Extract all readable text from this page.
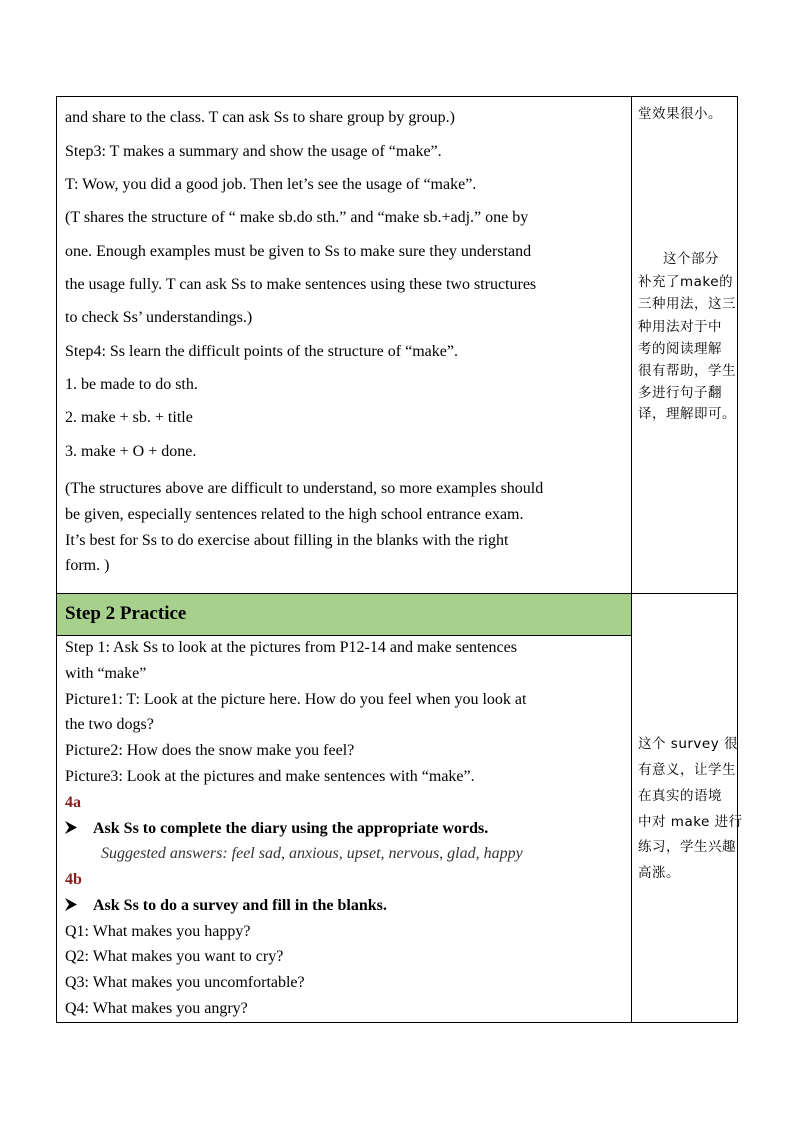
Step 2 Practice
and share to the class. T can ask Ss to share group by group.)
Step3: T makes a summary and show the usage of “make”.
T: Wow, you did a good job. Then let’s see the usage of “make”.
(T shares the structure of “ make sb.do sth.” and “make sb.+adj.” one by
one. Enough examples must be given to Ss to make sure they understand
the usage fully. T can ask Ss to make sentences using these two structures
to check Ss’ understandings.)
Step4: Ss learn the difficult points of the structure of “make”.
1. be made to do sth.
2. make + sb. + title
3. make + O + done.
(The structures above are difficult to understand, so more examples should
be given, especially sentences related to the high school entrance exam.
It’s best for Ss to do exercise about filling in the blanks with the right
form. )
堂效果很小。
这个部分
补充了make的
三种用法，这三
种用法对于中
考的阅读理解
很有帮助，学生
多进行句子翻
译，理解即可。
Step 1: Ask Ss to look at the pictures from P12-14 and make sentences
with “make”
Picture1: T: Look at the picture here. How do you feel when you look at
the two dogs?
Picture2: How does the snow make you feel?
Picture3: Look at the pictures and make sentences with “make”.
4a
Ask Ss to complete the diary using the appropriate words.
Suggested answers: feel sad, anxious, upset, nervous, glad, happy
4b
Ask Ss to do a survey and fill in the blanks.
Q1: What makes you happy?
Q2: What makes you want to cry?
Q3: What makes you uncomfortable?
Q4: What makes you angry?
这个 survey 很
有意义，让学生
在真实的语境
中对 make 进行
练习，学生兴趣
高涨。
